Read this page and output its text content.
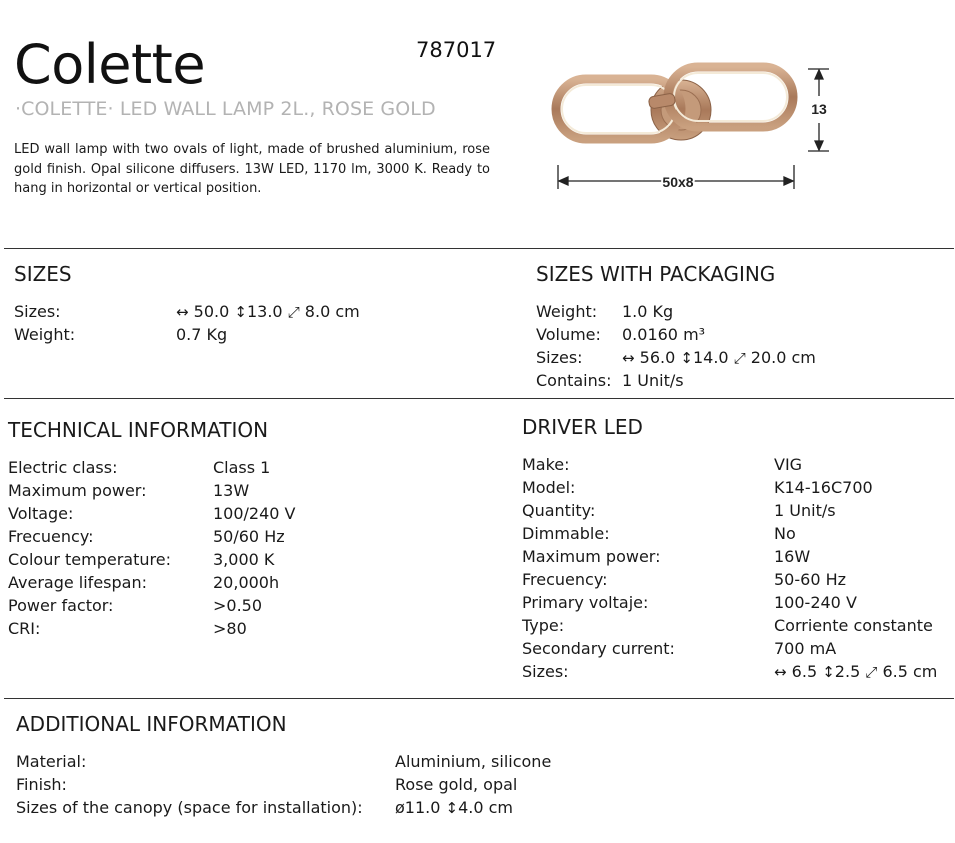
Colette	787017
·COLETTE· LED WALL LAMP 2L., ROSE GOLD
LED wall lamp with two ovals of light, made of brushed aluminium, rose gold finish. Opal silicone diffusers. 13W LED, 1170 lm, 3000 K. Ready to hang in horizontal or vertical position.
13
50x8
SIZES
Sizes:	↔ 50.0 ↕13.0 ⤢ 8.0 cm
Weight:	0.7 Kg
SIZES WITH PACKAGING
Weight: 1.0 Kg
Volume: 0.0160 m³
Sizes:	↔ 56.0 ↕14.0 ⤢ 20.0 cm
Contains: 1 Unit/s
TECHNICAL INFORMATION
Electric class:	Class 1
Maximum power:	13W
Voltage:	100/240 V
Frecuency:	50/60 Hz
Colour temperature:	3,000 K
Average lifespan:	20,000h
Power factor:	>0.50
CRI:	>80
DRIVER LED
Make:	VIG
Model:	K14-16C700
Quantity:	1 Unit/s
Dimmable:	No
Maximum power:	16W
Frecuency:	50-60 Hz
Primary voltaje:	100-240 V
Type:	Corriente constante
Secondary current:	700 mA
Sizes:	↔ 6.5 ↕2.5 ⤢ 6.5 cm
ADDITIONAL INFORMATION
Material:	Aluminium, silicone
Finish:	Rose gold, opal
Sizes of the canopy (space for installation): ø11.0 ↕4.0 cm
